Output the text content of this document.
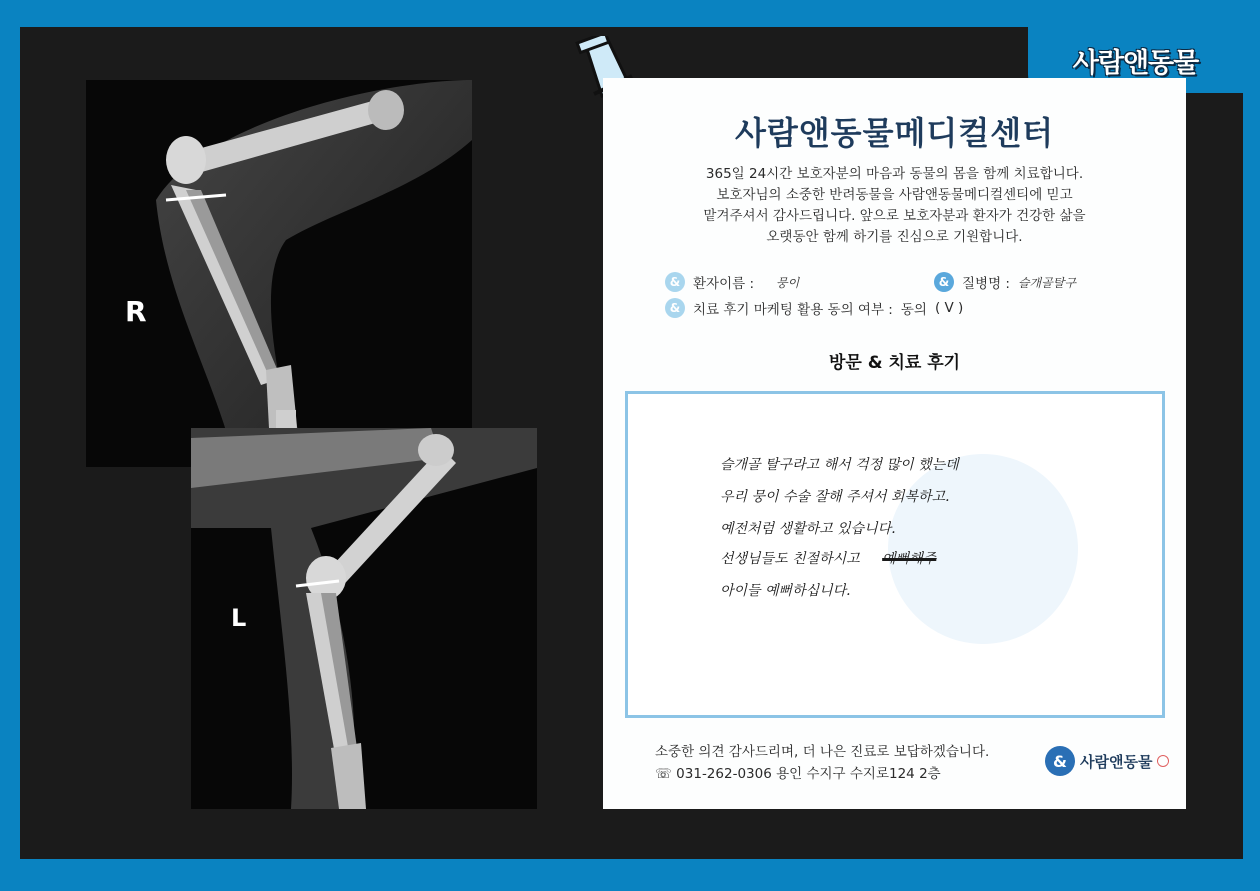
사람앤동물
R
L
사람앤동물메디컬센터
365일 24시간 보호자분의 마음과 동물의 몸을 함께 치료합니다.
보호자님의 소중한 반려동물을 사람앤동물메디컬센티에 믿고
맡겨주셔서 감사드립니다. 앞으로 보호자분과 환자가 건강한 삶을
오랫동안 함께 하기를 진심으로 기원합니다.
& 환자이름 : 뭉이	& 질병명 : 슬개골탈구
& 치료 후기 마케팅 활용 동의 여부 : 동의 ( V )
방문 & 치료 후기
슬개골 탈구라고 해서 걱정 많이 했는데
우리 뭉이 수술 잘해 주셔서 회복하고.
예전처럼 생활하고 있습니다.
선생님들도 친절하시고 예뻐해주
아이들 예뻐하십니다.
소중한 의견 감사드리며, 더 나은 진료로 보답하겠습니다.
☏ 031-262-0306 용인 수지구 수지로124 2층
& 사람앤동물
